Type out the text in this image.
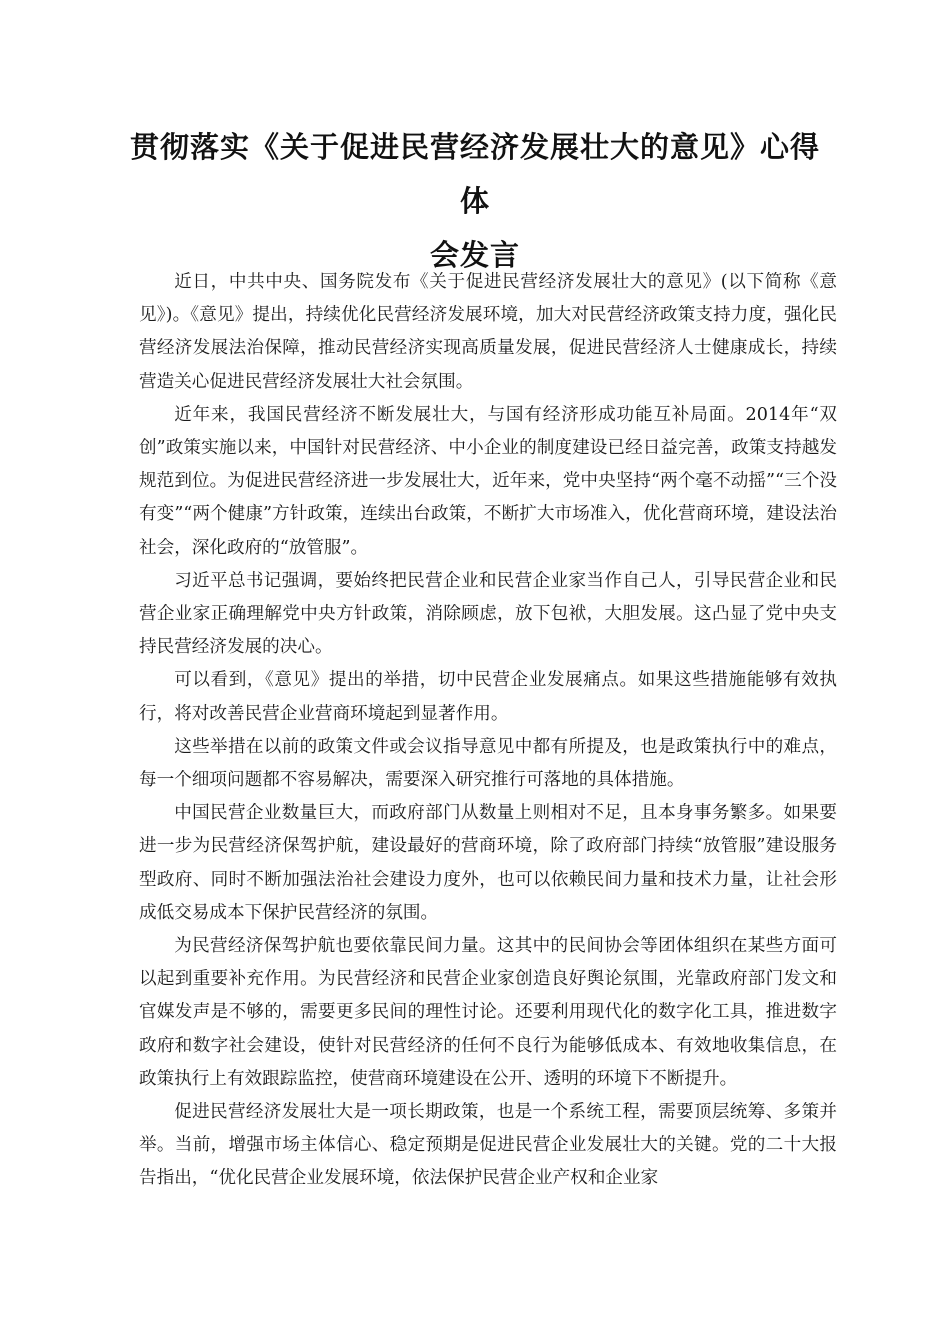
贯彻落实《关于促进民营经济发展壮大的意见》心得体
会发言

近日，中共中央、国务院发布《关于促进民营经济发展壮大的意见》(以下简称《意见》)。《意见》提出，持续优化民营经济发展环境，加大对民营经济政策支持力度，强化民营经济发展法治保障，推动民营经济实现高质量发展，促进民营经济人士健康成长，持续营造关心促进民营经济发展壮大社会氛围。

近年来，我国民营经济不断发展壮大，与国有经济形成功能互补局面。2014年“双创”政策实施以来，中国针对民营经济、中小企业的制度建设已经日益完善，政策支持越发规范到位。为促进民营经济进一步发展壮大，近年来，党中央坚持“两个毫不动摇”“三个没有变”“两个健康”方针政策，连续出台政策，不断扩大市场准入，优化营商环境，建设法治社会，深化政府的“放管服”。

习近平总书记强调，要始终把民营企业和民营企业家当作自己人，引导民营企业和民营企业家正确理解党中央方针政策，消除顾虑，放下包袱，大胆发展。这凸显了党中央支持民营经济发展的决心。

可以看到，《意见》提出的举措，切中民营企业发展痛点。如果这些措施能够有效执行，将对改善民营企业营商环境起到显著作用。

这些举措在以前的政策文件或会议指导意见中都有所提及，也是政策执行中的难点，每一个细项问题都不容易解决，需要深入研究推行可落地的具体措施。

中国民营企业数量巨大，而政府部门从数量上则相对不足，且本身事务繁多。如果要进一步为民营经济保驾护航，建设最好的营商环境，除了政府部门持续“放管服”建设服务型政府、同时不断加强法治社会建设力度外，也可以依赖民间力量和技术力量，让社会形成低交易成本下保护民营经济的氛围。

为民营经济保驾护航也要依靠民间力量。这其中的民间协会等团体组织在某些方面可以起到重要补充作用。为民营经济和民营企业家创造良好舆论氛围，光靠政府部门发文和官媒发声是不够的，需要更多民间的理性讨论。还要利用现代化的数字化工具，推进数字政府和数字社会建设，使针对民营经济的任何不良行为能够低成本、有效地收集信息，在政策执行上有效跟踪监控，使营商环境建设在公开、透明的环境下不断提升。

促进民营经济发展壮大是一项长期政策，也是一个系统工程，需要顶层统筹、多策并举。当前，增强市场主体信心、稳定预期是促进民营企业发展壮大的关键。党的二十大报告指出，“优化民营企业发展环境，依法保护民营企业产权和企业家
